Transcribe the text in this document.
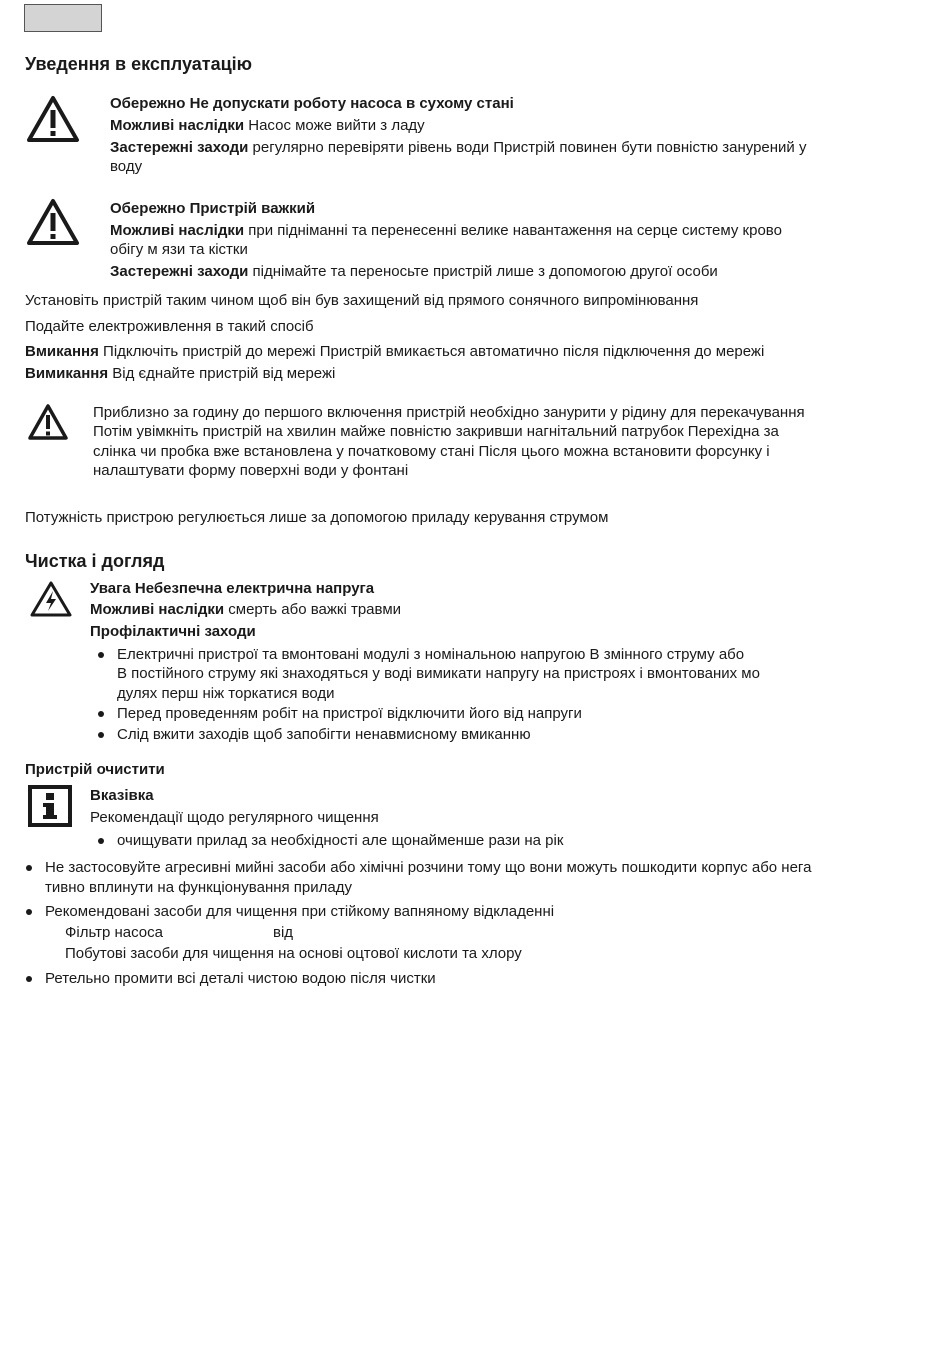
Уведення в експлуатацію
Обережно Не допускати роботу насоса в сухому стані
Можливі наслідки Насос може вийти з ладу
Застережні заходи регулярно перевіряти рівень води Пристрій повинен бути повністю занурений у
воду
Обережно Пристрій важкий
Можливі наслідки при підніманні та перенесенні велике навантаження на серце систему крово
обігу м язи та кістки
Застережні заходи піднімайте та переносьте пристрій лише з допомогою другої особи
Установіть пристрій таким чином щоб він був захищений від прямого сонячного випромінювання
Подайте електроживлення в такий спосіб
Вмикання Підключіть пристрій до мережі Пристрій вмикається автоматично після підключення до мережі
Вимикання Від єднайте пристрій від мережі
Приблизно за годину до першого включення пристрій необхідно занурити у рідину для перекачування
Потім увімкніть пристрій на хвилин майже повністю закривши нагнітальний патрубок Перехідна за
слінка чи пробка вже встановлена у початковому стані Після цього можна встановити форсунку і
налаштувати форму поверхні води у фонтані
Потужність пристрою регулюється лише за допомогою приладу керування струмом
Чистка і догляд
Увага Небезпечна електрична напруга
Можливі наслідки смерть або важкі травми
Профілактичні заходи
Електричні пристрої та вмонтовані модулі з номінальною напругою В змінного струму або
В постійного струму які знаходяться у воді вимикати напругу на пристроях і вмонтованих мо
дулях перш ніж торкатися води
Перед проведенням робіт на пристрої відключити його від напруги
Слід вжити заходів щоб запобігти ненавмисному вмиканню
Пристрій очистити
Вказівка
Рекомендації щодо регулярного чищення
очищувати прилад за необхідності але щонайменше рази на рік
Не застосовуйте агресивні мийні засоби або хімічні розчини тому що вони можуть пошкодити корпус або нега
тивно вплинути на функціонування приладу
Рекомендовані засоби для чищення при стійкому вапняному відкладенні
Фільтр насоса	від
Побутові засоби для чищення на основі оцтової кислоти та хлору
Ретельно промити всі деталі чистою водою після чистки
